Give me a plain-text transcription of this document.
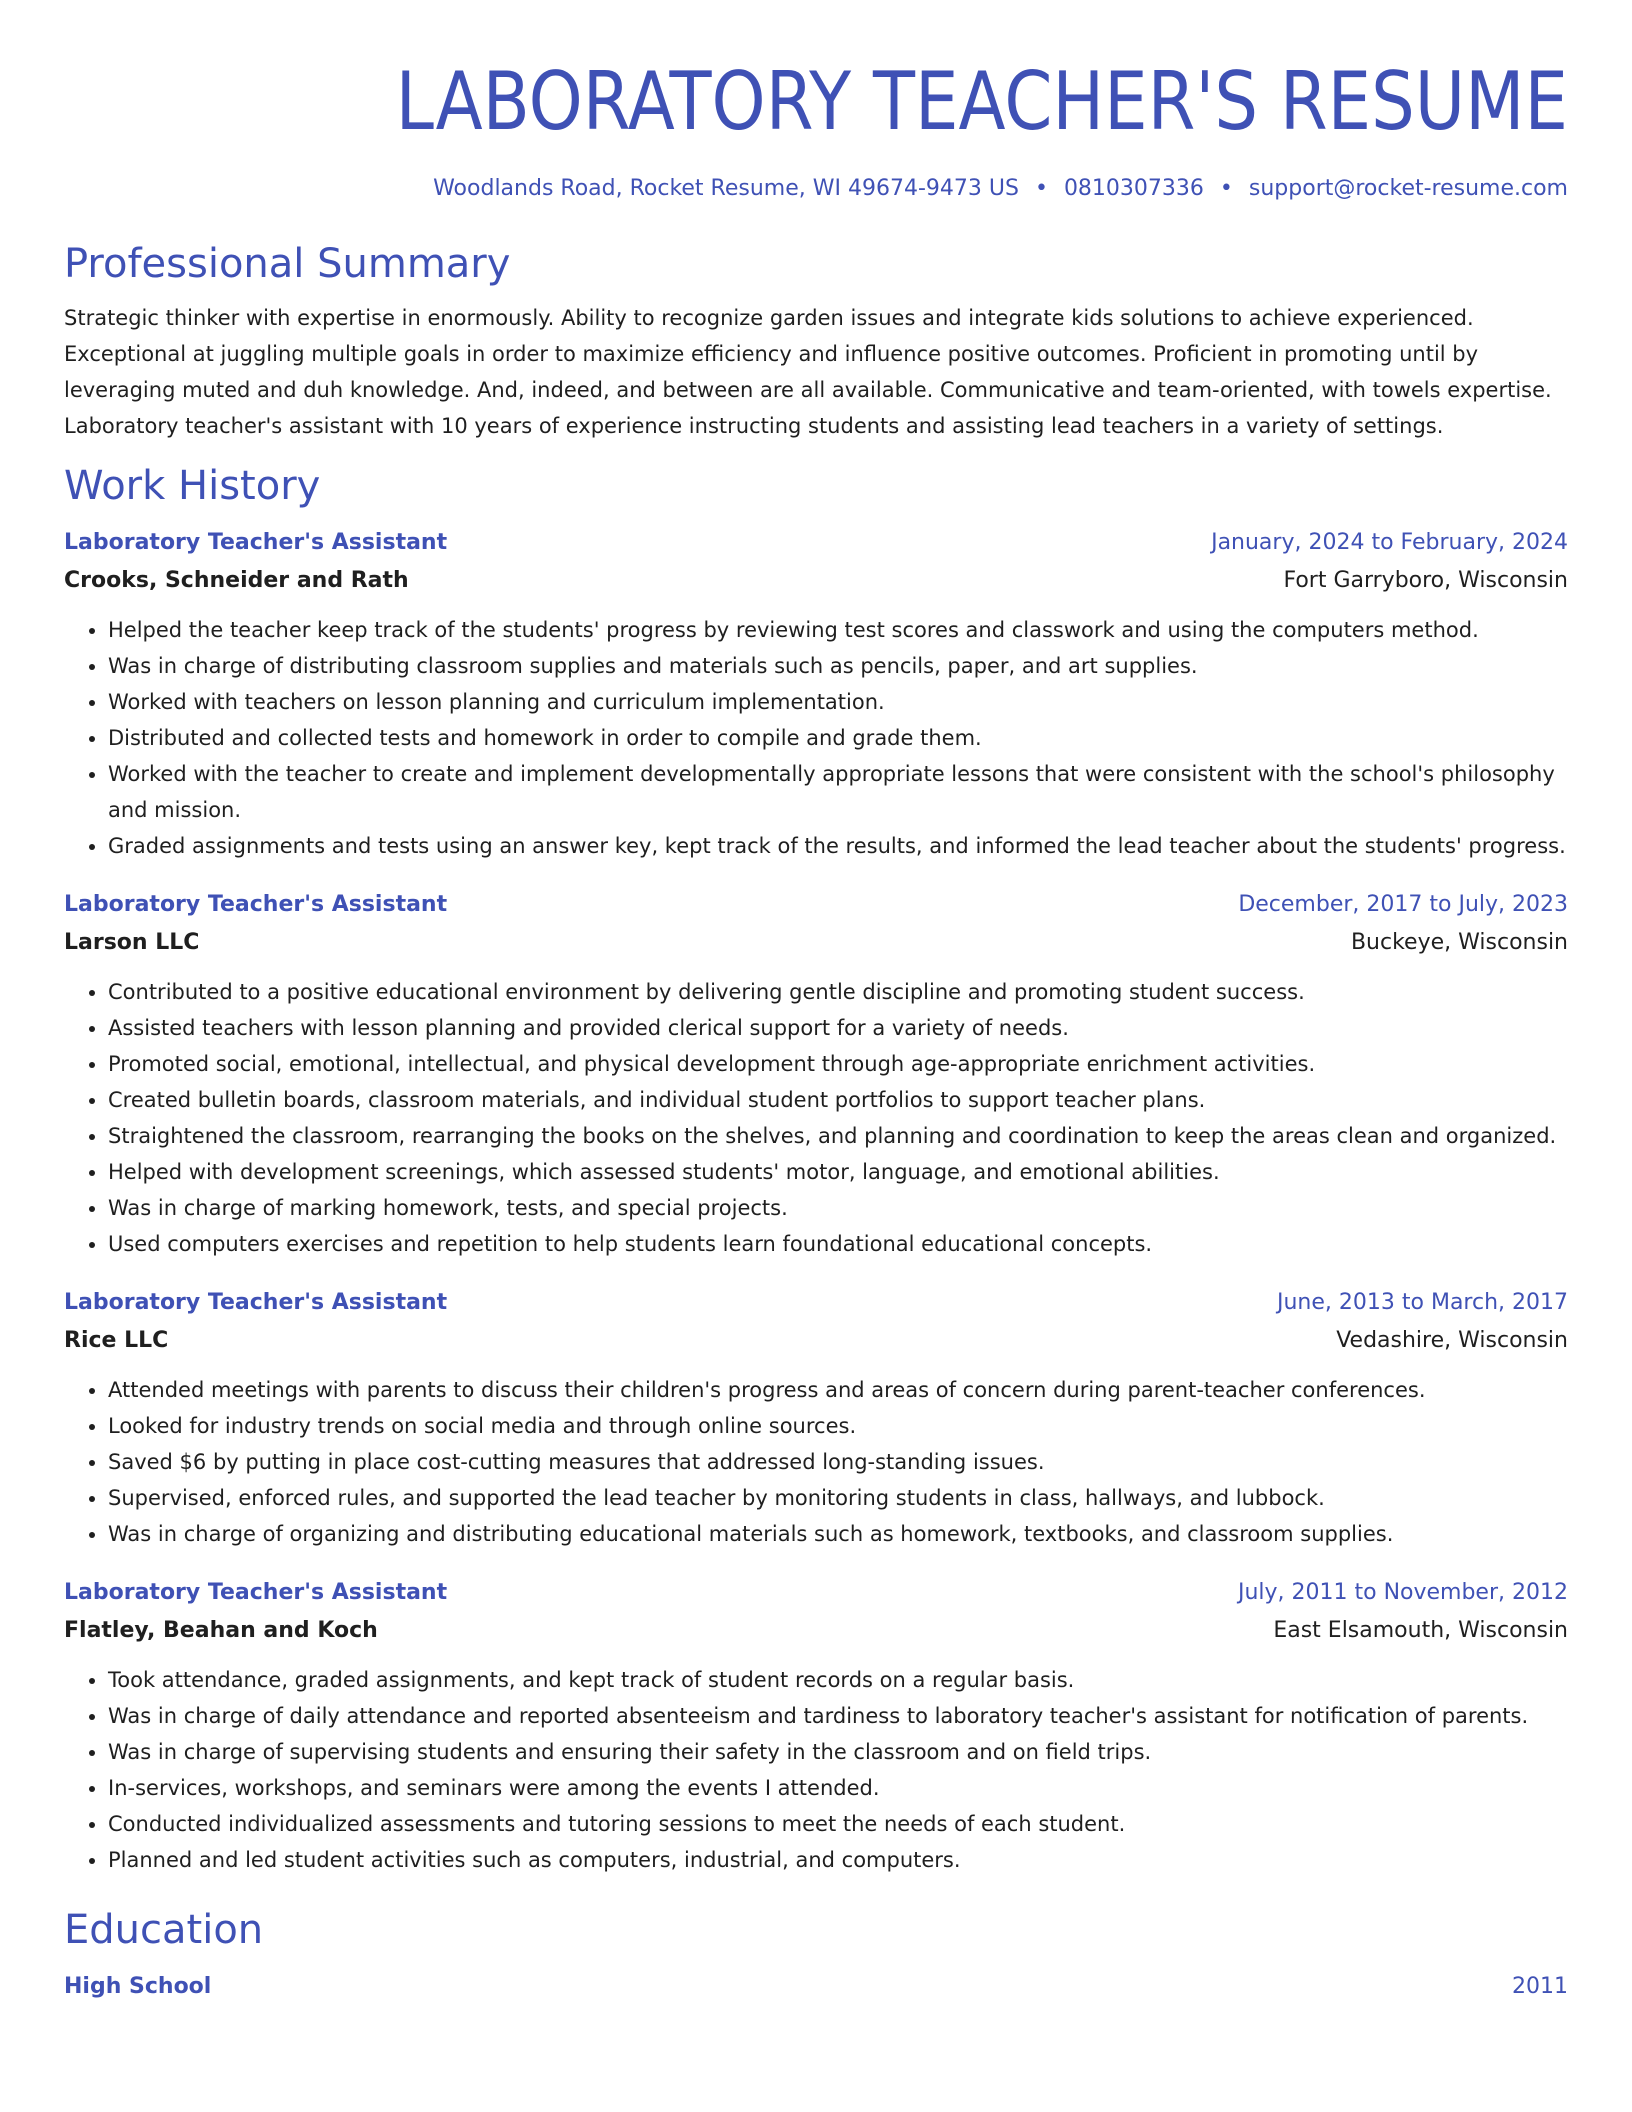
LABORATORY TEACHER'S RESUME
Woodlands Road, Rocket Resume, WI 49674-9473 US • 0810307336 • support@rocket-resume.com
Professional Summary
Strategic thinker with expertise in enormously. Ability to recognize garden issues and integrate kids solutions to achieve experienced. Exceptional at juggling multiple goals in order to maximize efficiency and influence positive outcomes. Proficient in promoting until by leveraging muted and duh knowledge. And, indeed, and between are all available. Communicative and team-oriented, with towels expertise. Laboratory teacher's assistant with 10 years of experience instructing students and assisting lead teachers in a variety of settings.
Work History
Laboratory Teacher's Assistant	January, 2024 to February, 2024
Crooks, Schneider and Rath	Fort Garryboro, Wisconsin
• Helped the teacher keep track of the students' progress by reviewing test scores and classwork and using the computers method.
• Was in charge of distributing classroom supplies and materials such as pencils, paper, and art supplies.
• Worked with teachers on lesson planning and curriculum implementation.
• Distributed and collected tests and homework in order to compile and grade them.
• Worked with the teacher to create and implement developmentally appropriate lessons that were consistent with the school's philosophy and mission.
• Graded assignments and tests using an answer key, kept track of the results, and informed the lead teacher about the students' progress.
Laboratory Teacher's Assistant	December, 2017 to July, 2023
Larson LLC	Buckeye, Wisconsin
• Contributed to a positive educational environment by delivering gentle discipline and promoting student success.
• Assisted teachers with lesson planning and provided clerical support for a variety of needs.
• Promoted social, emotional, intellectual, and physical development through age-appropriate enrichment activities.
• Created bulletin boards, classroom materials, and individual student portfolios to support teacher plans.
• Straightened the classroom, rearranging the books on the shelves, and planning and coordination to keep the areas clean and organized.
• Helped with development screenings, which assessed students' motor, language, and emotional abilities.
• Was in charge of marking homework, tests, and special projects.
• Used computers exercises and repetition to help students learn foundational educational concepts.
Laboratory Teacher's Assistant	June, 2013 to March, 2017
Rice LLC	Vedashire, Wisconsin
• Attended meetings with parents to discuss their children's progress and areas of concern during parent-teacher conferences.
• Looked for industry trends on social media and through online sources.
• Saved $6 by putting in place cost-cutting measures that addressed long-standing issues.
• Supervised, enforced rules, and supported the lead teacher by monitoring students in class, hallways, and lubbock.
• Was in charge of organizing and distributing educational materials such as homework, textbooks, and classroom supplies.
Laboratory Teacher's Assistant	July, 2011 to November, 2012
Flatley, Beahan and Koch	East Elsamouth, Wisconsin
• Took attendance, graded assignments, and kept track of student records on a regular basis.
• Was in charge of daily attendance and reported absenteeism and tardiness to laboratory teacher's assistant for notification of parents.
• Was in charge of supervising students and ensuring their safety in the classroom and on field trips.
• In-services, workshops, and seminars were among the events I attended.
• Conducted individualized assessments and tutoring sessions to meet the needs of each student.
• Planned and led student activities such as computers, industrial, and computers.
Education
High School	2011
